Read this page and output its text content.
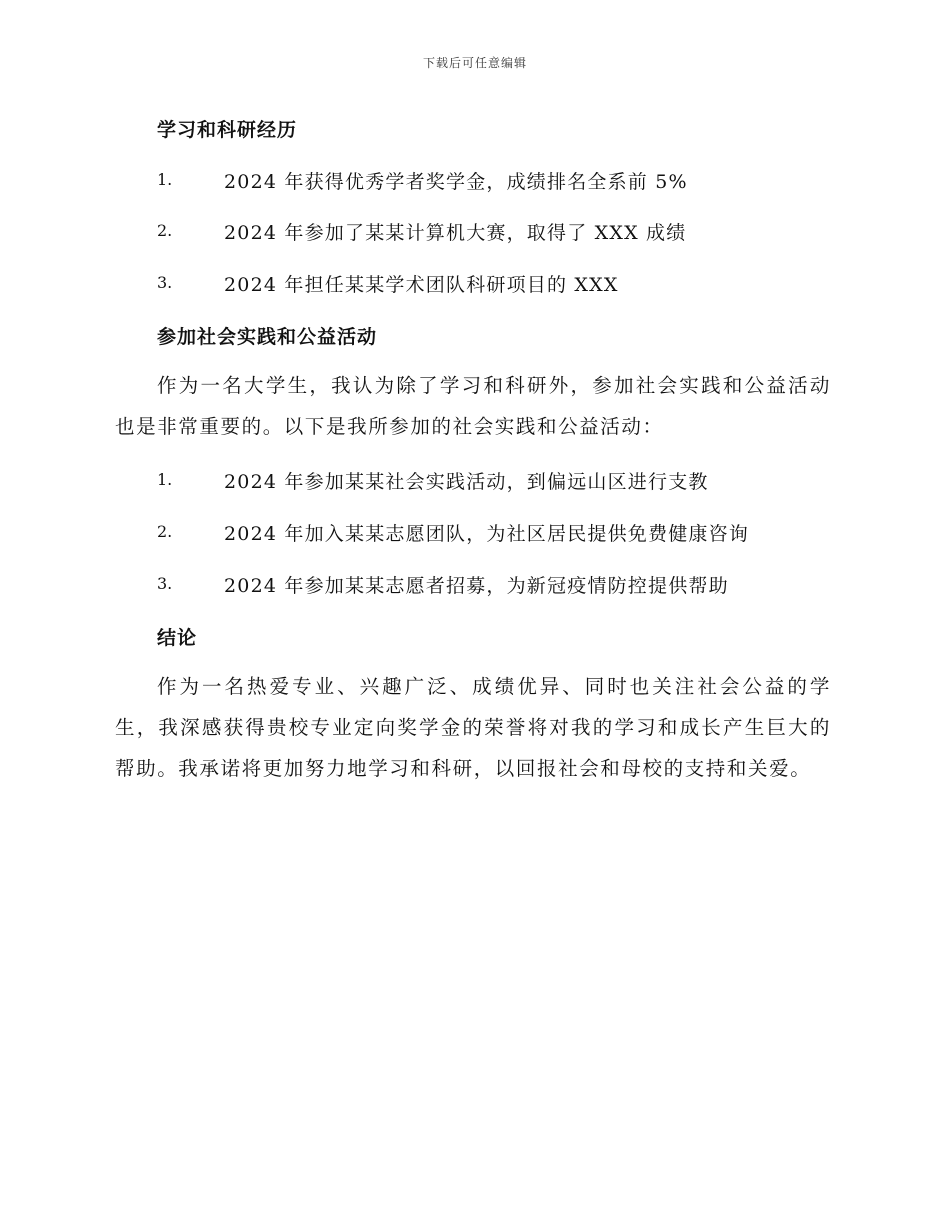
下载后可任意编辑
学习和科研经历
1.	2024 年获得优秀学者奖学金，成绩排名全系前 5%
2.	2024 年参加了某某计算机大赛，取得了 XXX 成绩
3.	2024 年担任某某学术团队科研项目的 XXX
参加社会实践和公益活动

作为一名大学生，我认为除了学习和科研外，参加社会实践和公益活动也是非常重要的。以下是我所参加的社会实践和公益活动：

1.	2024 年参加某某社会实践活动，到偏远山区进行支教
2.	2024 年加入某某志愿团队，为社区居民提供免费健康咨询
3.	2024 年参加某某志愿者招募，为新冠疫情防控提供帮助
结论

作为一名热爱专业、兴趣广泛、成绩优异、同时也关注社会公益的学生，我深感获得贵校专业定向奖学金的荣誉将对我的学习和成长产生巨大的帮助。我承诺将更加努力地学习和科研，以回报社会和母校的支持和关爱。
